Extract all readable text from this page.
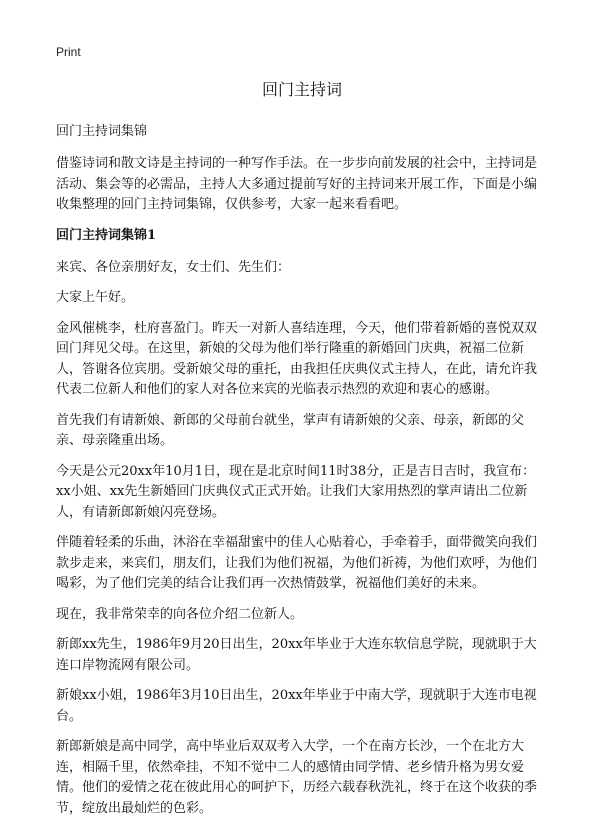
Print
回门主持词

回门主持词集锦

借鉴诗词和散文诗是主持词的一种写作手法。在一步步向前发展的社会中，主持词是活动、集会等的必需品，主持人大多通过提前写好的主持词来开展工作，下面是小编收集整理的回门主持词集锦，仅供参考，大家一起来看看吧。

回门主持词集锦1

来宾、各位亲朋好友，女士们、先生们：

大家上午好。

金风催桃李，杜府喜盈门。昨天一对新人喜结连理，今天，他们带着新婚的喜悦双双回门拜见父母。在这里，新娘的父母为他们举行隆重的新婚回门庆典，祝福二位新人，答谢各位宾朋。受新娘父母的重托，由我担任庆典仪式主持人，在此，请允许我代表二位新人和他们的家人对各位来宾的光临表示热烈的欢迎和衷心的感谢。

首先我们有请新娘、新郎的父母前台就坐，掌声有请新娘的父亲、母亲，新郎的父亲、母亲隆重出场。

今天是公元20xx年10月1日，现在是北京时间11时38分，正是吉日吉时，我宣布：xx小姐、xx先生新婚回门庆典仪式正式开始。让我们大家用热烈的掌声请出二位新人，有请新郎新娘闪亮登场。

伴随着轻柔的乐曲，沐浴在幸福甜蜜中的佳人心贴着心，手牵着手，面带微笑向我们款步走来，来宾们，朋友们，让我们为他们祝福，为他们祈祷，为他们欢呼，为他们喝彩，为了他们完美的结合让我们再一次热情鼓掌，祝福他们美好的未来。

现在，我非常荣幸的向各位介绍二位新人。

新郎xx先生，1986年9月20日出生，20xx年毕业于大连东软信息学院，现就职于大连口岸物流网有限公司。

新娘xx小姐，1986年3月10日出生，20xx年毕业于中南大学，现就职于大连市电视台。

新郎新娘是高中同学，高中毕业后双双考入大学，一个在南方长沙，一个在北方大连，相隔千里，依然牵挂，不知不觉中二人的感情由同学情、老乡情升格为男女爱情。他们的爱情之花在彼此用心的呵护下，历经六载春秋洗礼，终于在这个收获的季节，绽放出最灿烂的色彩。
